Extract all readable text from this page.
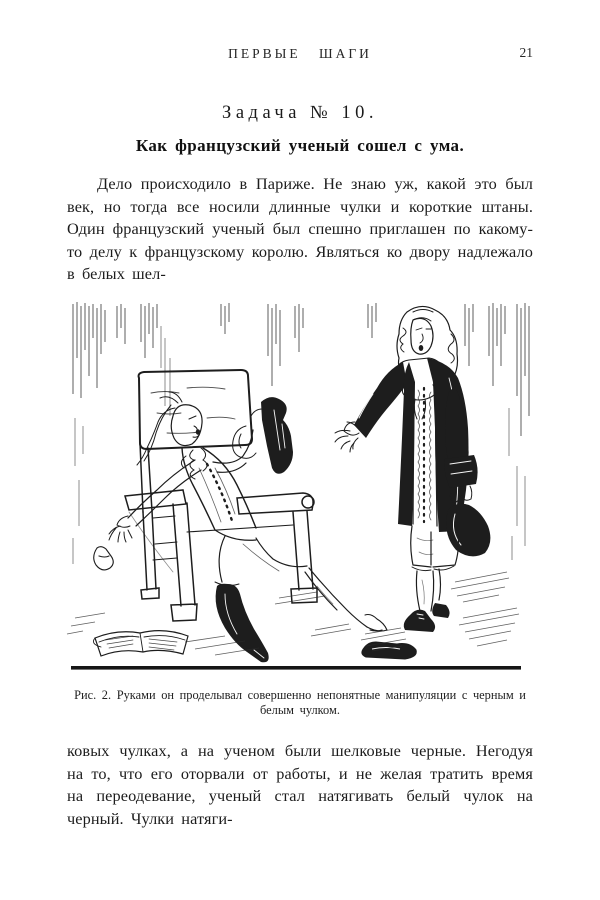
ПЕРВЫЕ ШАГИ	21
Задача № 10.
Как французский ученый сошел с ума.

Дело происходило в Париже. Не знаю уж, какой это был век, но тогда все носили длинные чулки и короткие штаны. Один французский ученый был спешно приглашен по какому-то делу к французскому королю. Являться ко двору надлежало в белых шел-

Рис. 2. Руками он проделывал совершенно непонятные манипуляции с черным и белым чулком.

ковых чулках, а на ученом были шелковые черные. Негодуя на то, что его оторвали от работы, и не желая тратить время на переодевание, ученый стал натягивать белый чулок на черный. Чулки натяги-
